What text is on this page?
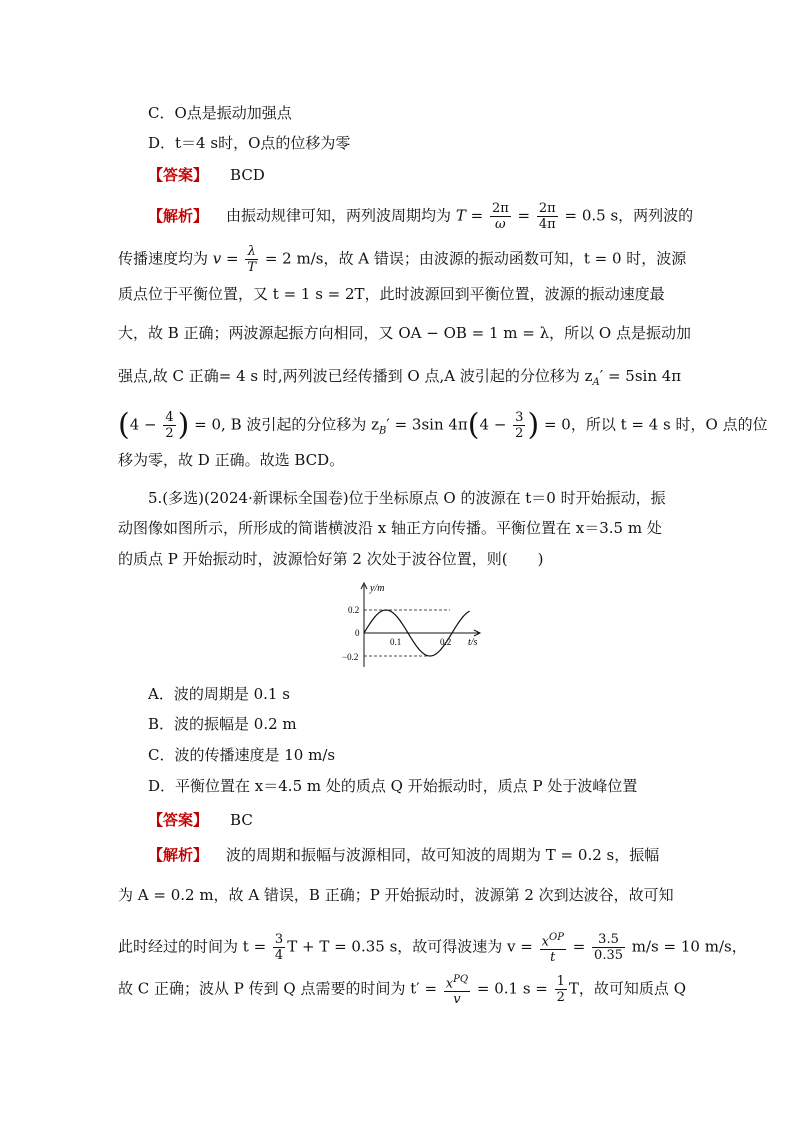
C．O点是振动加强点
D．t＝4 s时，O点的位移为零
【答案】 BCD
【解析】 由振动规律可知，两列波周期均为 $T = \frac{2\pi}{\omega} = \frac{2\pi}{4\pi} = 0.5$ s，两列波的
传播速度均为 $v = \frac{\lambda}{T} = 2$ m/s，故 A 错误；由波源的振动函数可知，t = 0 时，波源
质点位于平衡位置，又 t = 1 s = 2T，此时波源回到平衡位置，波源的振动速度最
大，故 B 正确；两波源起振方向相同，又 OA − OB = 1 m = λ，所以 O 点是振动加
强点,故 C 正确= 4 s 时,两列波已经传播到 O 点,A 波引起的分位移为 $z_A' = 5\sin$ 4π
($4 - \frac{4}{2}$ ) = 0, B 波引起的分位移为 $z_B' = 3\sin$ $4\pi(4 - \frac{3}{2}$ ) = 0，所以 t = 4 s 时，O 点的位
移为零，故 D 正确。故选 BCD。
5.(多选)(2024·新课标全国卷)位于坐标原点 O 的波源在 t＝0 时开始振动，振
动图像如图所示，所形成的简谐横波沿 x 轴正方向传播。平衡位置在 x＝3.5 m 处
的质点 P 开始振动时，波源恰好第 2 次处于波谷位置，则(　　)
y/m
t/s
0.2
0
−0.2
0.1	0.2
A．波的周期是 0.1 s
B．波的振幅是 0.2 m
C．波的传播速度是 10 m/s
D．平衡位置在 x＝4.5 m 处的质点 Q 开始振动时，质点 P 处于波峰位置
【答案】 BC
【解析】 波的周期和振幅与波源相同，故可知波的周期为 T = 0.2 s，振幅
为 A = 0.2 m，故 A 错误，B 正确；P 开始振动时，波源第 2 次到达波谷，故可知
此时经过的时间为 $t = \frac{3}{4}$ T + T = 0.35 s，故可得波速为 $v = \frac{x^{OP}}{t} = \frac{3.5}{0.35} m/s = 10$ m/s，
故 C 正确；波从 P 传到 Q 点需要的时间为 $t' = \frac{x^{PQ}}{v} = 0.1$ $s = \frac{1}{2}$ T，故可知质点 Q
